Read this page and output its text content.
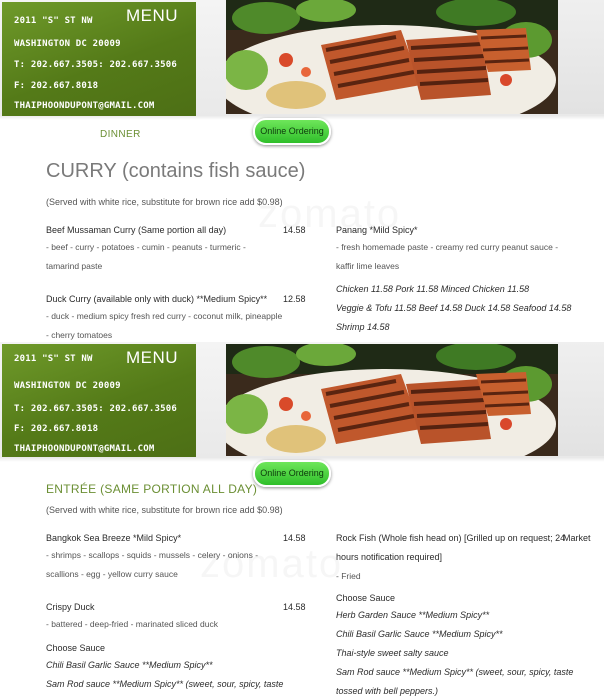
MENU
2011 "S" ST NW
WASHINGTON DC 20009
T: 202.667.3505: 202.667.3506
F: 202.667.8018
THAIPHOONDUPONT@GMAIL.COM
DINNER	Online Ordering
CURRY (contains fish sauce)
(Served with white rice, substitute for brown rice add $0.98)
Beef Mussaman Curry (Same portion all day)	14.58
- beef - curry - potatoes - cumin - peanuts - turmeric -
tamarind paste
Duck Curry (available only with duck) **Medium Spicy** 12.58
- duck - medium spicy fresh red curry - coconut milk, pineapple
- cherry tomatoes
Panang *Mild Spicy*
- fresh homemade paste - creamy red curry peanut sauce -
kaffir lime leaves
Chicken 11.58 Pork 11.58 Minced Chicken 11.58
Veggie & Tofu 11.58 Beef 14.58 Duck 14.58 Seafood 14.58
Shrimp 14.58
MENU
2011 "S" ST NW
WASHINGTON DC 20009
T: 202.667.3505: 202.667.3506
F: 202.667.8018
THAIPHOONDUPONT@GMAIL.COM
Online Ordering
ENTRÉE (SAME PORTION ALL DAY)
(Served with white rice, substitute for brown rice add $0.98)
Bangkok Sea Breeze *Mild Spicy*	14.58
- shrimps - scallops - squids - mussels - celery - onions -
scallions - egg - yellow curry sauce
Crispy Duck	14.58
- battered - deep-fried - marinated sliced duck
Choose Sauce
Chili Basil Garlic Sauce **Medium Spicy**
Sam Rod sauce **Medium Spicy** (sweet, sour, spicy, taste
Rock Fish (Whole fish head on) [Grilled up on request; 24
Market
hours notification required]
- Fried
Choose Sauce
Herb Garden Sauce **Medium Spicy**
Chili Basil Garlic Sauce **Medium Spicy**
Thai-style sweet salty sauce
Sam Rod sauce **Medium Spicy** (sweet, sour, spicy, taste
tossed with bell peppers.)
